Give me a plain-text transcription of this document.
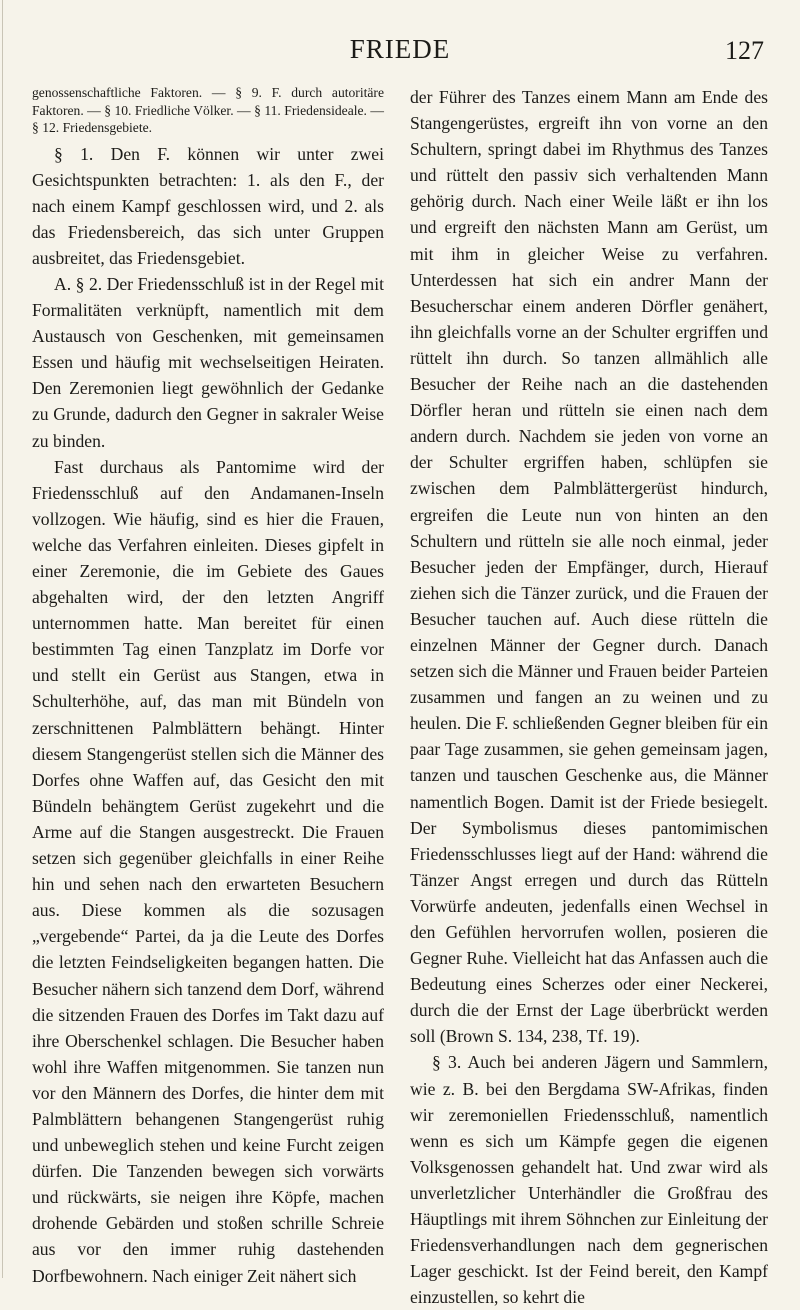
FRIEDE	127

genossenschaftliche Faktoren. — § 9. F. durch autoritäre Faktoren. — § 10. Friedliche Völker. — § 11. Friedensideale. — § 12. Friedensgebiete.

§ 1. Den F. können wir unter zwei Gesichtspunkten betrachten: 1. als den F., der nach einem Kampf geschlossen wird, und 2. als das Friedensbereich, das sich unter Gruppen ausbreitet, das Friedensgebiet.

A. § 2. Der Friedensschluß ist in der Regel mit Formalitäten verknüpft, namentlich mit dem Austausch von Geschenken, mit gemeinsamen Essen und häufig mit wechselseitigen Heiraten. Den Zeremonien liegt gewöhnlich der Gedanke zu Grunde, dadurch den Gegner in sakraler Weise zu binden.

Fast durchaus als Pantomime wird der Friedensschluß auf den Andamanen-Inseln vollzogen. Wie häufig, sind es hier die Frauen, welche das Verfahren einleiten. Dieses gipfelt in einer Zeremonie, die im Gebiete des Gaues abgehalten wird, der den letzten Angriff unternommen hatte. Man bereitet für einen bestimmten Tag einen Tanzplatz im Dorfe vor und stellt ein Gerüst aus Stangen, etwa in Schulterhöhe, auf, das man mit Bündeln von zerschnittenen Palmblättern behängt. Hinter diesem Stangengerüst stellen sich die Männer des Dorfes ohne Waffen auf, das Gesicht den mit Bündeln behängtem Gerüst zugekehrt und die Arme auf die Stangen ausgestreckt. Die Frauen setzen sich gegenüber gleichfalls in einer Reihe hin und sehen nach den erwarteten Besuchern aus. Diese kommen als die sozusagen „vergebende“ Partei, da ja die Leute des Dorfes die letzten Feindseligkeiten begangen hatten. Die Besucher nähern sich tanzend dem Dorf, während die sitzenden Frauen des Dorfes im Takt dazu auf ihre Oberschenkel schlagen. Die Besucher haben wohl ihre Waffen mitgenommen. Sie tanzen nun vor den Männern des Dorfes, die hinter dem mit Palmblättern behangenen Stangengerüst ruhig und unbeweglich stehen und keine Furcht zeigen dürfen. Die Tanzenden bewegen sich vorwärts und rückwärts, sie neigen ihre Köpfe, machen drohende Gebärden und stoßen schrille Schreie aus vor den immer ruhig dastehenden Dorfbewohnern. Nach einiger Zeit nähert sich

der Führer des Tanzes einem Mann am Ende des Stangengerüstes, ergreift ihn von vorne an den Schultern, springt dabei im Rhythmus des Tanzes und rüttelt den passiv sich verhaltenden Mann gehörig durch. Nach einer Weile läßt er ihn los und ergreift den nächsten Mann am Gerüst, um mit ihm in gleicher Weise zu verfahren. Unterdessen hat sich ein andrer Mann der Besucherschar einem anderen Dörfler genähert, ihn gleichfalls vorne an der Schulter ergriffen und rüttelt ihn durch. So tanzen allmählich alle Besucher der Reihe nach an die dastehenden Dörfler heran und rütteln sie einen nach dem andern durch. Nachdem sie jeden von vorne an der Schulter ergriffen haben, schlüpfen sie zwischen dem Palmblättergerüst hindurch, ergreifen die Leute nun von hinten an den Schultern und rütteln sie alle noch einmal, jeder Besucher jeden der Empfänger, durch, Hierauf ziehen sich die Tänzer zurück, und die Frauen der Besucher tauchen auf. Auch diese rütteln die einzelnen Männer der Gegner durch. Danach setzen sich die Männer und Frauen beider Parteien zusammen und fangen an zu weinen und zu heulen. Die F. schließenden Gegner bleiben für ein paar Tage zusammen, sie gehen gemeinsam jagen, tanzen und tauschen Geschenke aus, die Männer namentlich Bogen. Damit ist der Friede besiegelt. Der Symbolismus dieses pantomimischen Friedensschlusses liegt auf der Hand: während die Tänzer Angst erregen und durch das Rütteln Vorwürfe andeuten, jedenfalls einen Wechsel in den Gefühlen hervorrufen wollen, posieren die Gegner Ruhe. Vielleicht hat das Anfassen auch die Bedeutung eines Scherzes oder einer Neckerei, durch die der Ernst der Lage überbrückt werden soll (Brown S. 134, 238, Tf. 19).

§ 3. Auch bei anderen Jägern und Sammlern, wie z. B. bei den Bergdama SW-Afrikas, finden wir zeremoniellen Friedensschluß, namentlich wenn es sich um Kämpfe gegen die eigenen Volksgenossen gehandelt hat. Und zwar wird als unverletzlicher Unterhändler die Großfrau des Häuptlings mit ihrem Söhnchen zur Einleitung der Friedensverhandlungen nach dem gegnerischen Lager geschickt. Ist der Feind bereit, den Kampf einzustellen, so kehrt die
